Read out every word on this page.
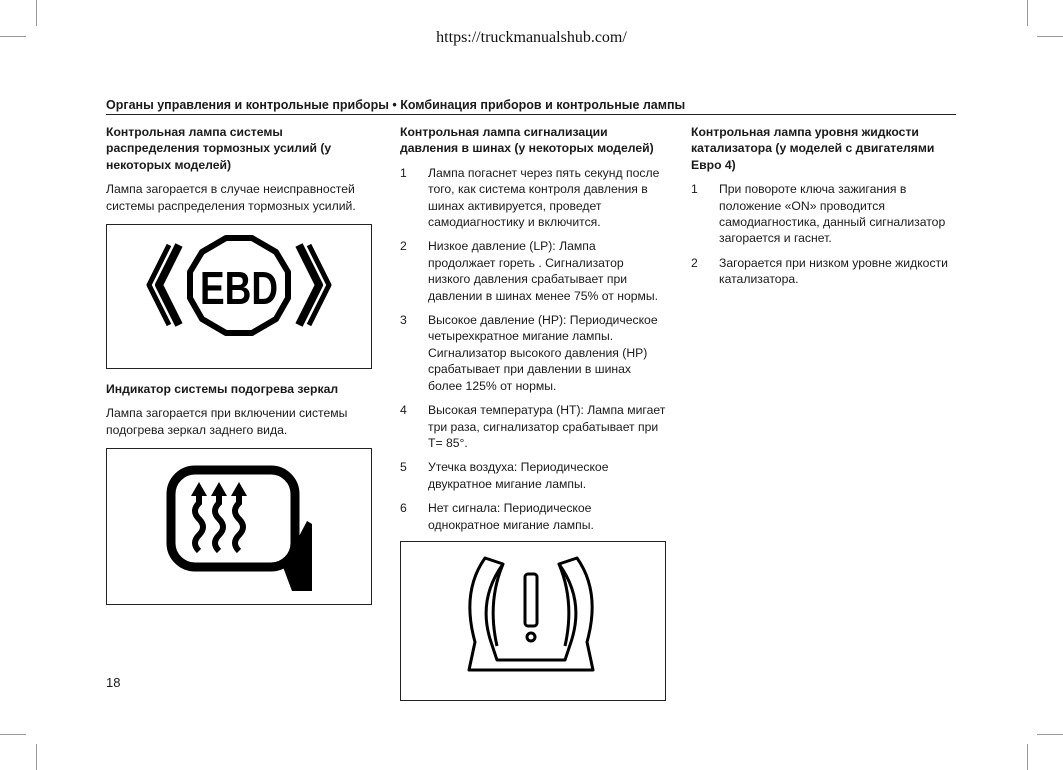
https://truckmanualshub.com/
Органы управления и контрольные приборы • Комбинация приборов и контрольные лампы
Контрольная лампа системы распределения тормозных усилий (у некоторых моделей)
Лампа загорается в случае неисправностей системы распределения тормозных усилий.
EBD
Индикатор системы подогрева зеркал
Лампа загорается при включении системы подогрева зеркал заднего вида.
Контрольная лампа сигнализации давления в шинах (у некоторых моделей)
1	Лампа погаснет через пять секунд после того, как система контроля давления в шинах активируется, проведет самодиагностику и включится.
2	Низкое давление (LP): Лампа продолжает гореть . Сигнализатор низкого давления срабатывает при давлении в шинах менее 75% от нормы.
3	Высокое давление (HP): Периодическое четырехкратное мигание лампы. Сигнализатор высокого давления (HP) срабатывает при давлении в шинах более 125% от нормы.
4	Высокая температура (HT): Лампа мигает три раза, сигнализатор срабатывает при T= 85°.
5	Утечка воздуха: Периодическое двукратное мигание лампы.
6	Нет сигнала: Периодическое однократное мигание лампы.
Контрольная лампа уровня жидкости катализатора (у моделей с двигателями Евро 4)
1	При повороте ключа зажигания в положение «ON» проводится самодиагностика, данный сигнализатор загорается и гаснет.
2	Загорается при низком уровне жидкости катализатора.
18
